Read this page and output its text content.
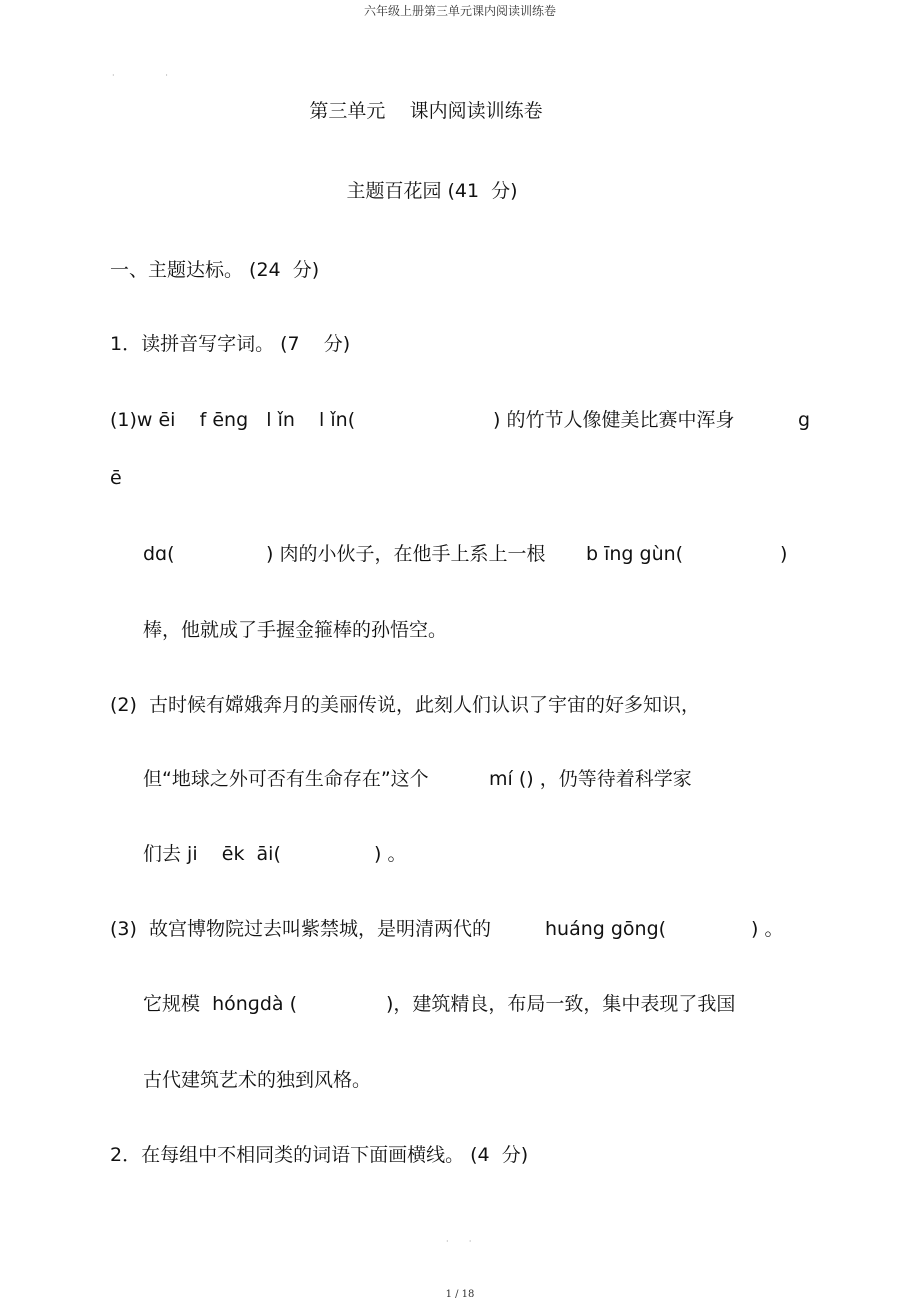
六年级上册第三单元课内阅读训练卷
·                    ·
第三单元    课内阅读训练卷
主题百花园 (41  分)
一、主题达标。 (24  分)
1．读拼音写字词。 (7    分)
(1)w ēi    f ēng   l ǐn    l ǐn(	) 的竹节人像健美比赛中浑身	g
ē
dɑ(	) 肉的小伙子，在他手上系上一根 b īng gùn(	)
棒，他就成了手握金箍棒的孙悟空。
(2)  古时候有嫦娥奔月的美丽传说，此刻人们认识了宇宙的好多知识，
但“地球之外可否有生命存在”这个	mí () ，仍等待着科学家
们去 ji    ēk  āi(	) 。
(3)  故宫博物院过去叫紫禁城，是明清两代的	huáng gōng(	) 。
它规模  hónɡdà (	)，建筑精良，布局一致，集中表现了我国
古代建筑艺术的独到风格。
2．在每组中不相同类的词语下面画横线。 (4  分)
·        ·
1 / 18
